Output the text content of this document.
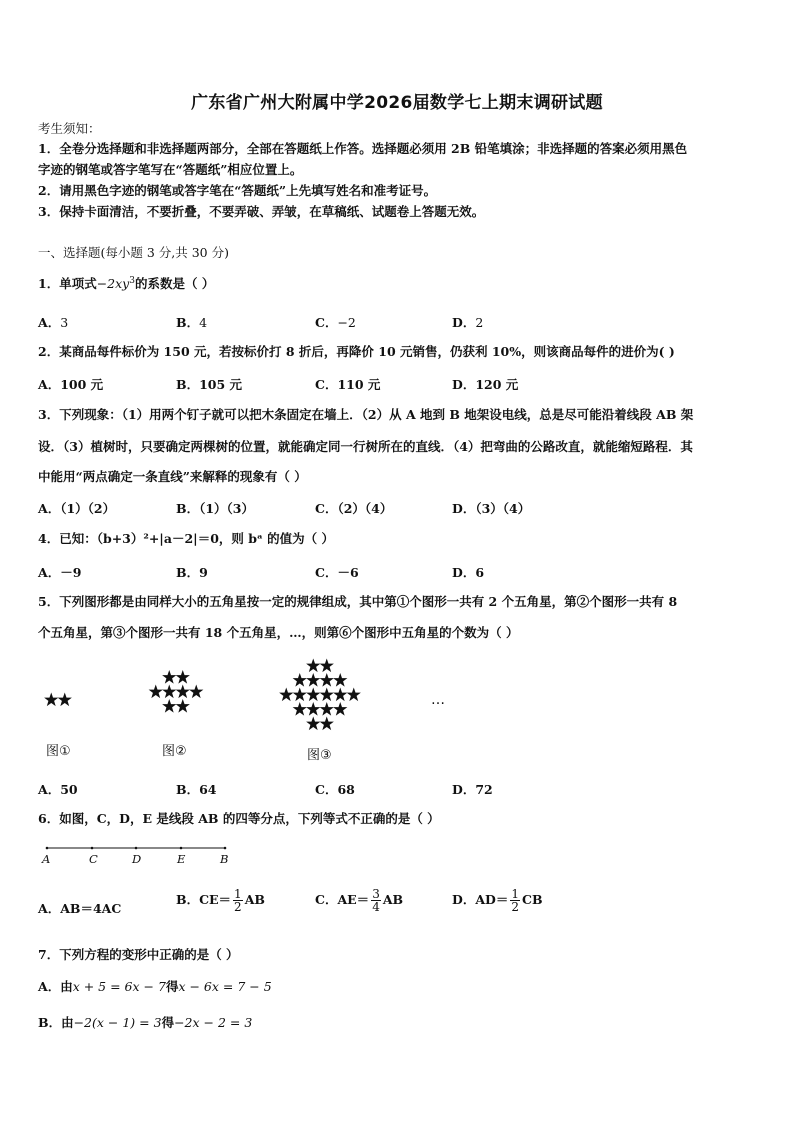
广东省广州大附属中学2026届数学七上期末调研试题
考生须知：
1．全卷分选择题和非选择题两部分，全部在答题纸上作答。选择题必须用 2B 铅笔填涂；非选择题的答案必须用黑色
字迹的钢笔或答字笔写在“答题纸”相应位置上。
2．请用黑色字迹的钢笔或答字笔在“答题纸”上先填写姓名和准考证号。
3．保持卡面清洁，不要折叠，不要弄破、弄皱，在草稿纸、试题卷上答题无效。
一、选择题(每小题 3 分,共 30 分)
1．单项式$-2xy^3$的系数是（ ）
A．3	B．4	C．−2	D．2
2．某商品每件标价为 150 元，若按标价打 8 折后，再降价 10 元销售，仍获利 10%，则该商品每件的进价为( )
A．100 元	B．105 元	C．110 元	D．120 元
3．下列现象：（1）用两个钉子就可以把木条固定在墙上．（2）从 A 地到 B 地架设电线，总是尽可能沿着线段 AB 架
设．（3）植树时，只要确定两棵树的位置，就能确定同一行树所在的直线．（4）把弯曲的公路改直，就能缩短路程．其
中能用“两点确定一条直线”来解释的现象有（ ）
A．（1）（2）	B．（1）（3）	C．（2）（4）	D．（3）（4）
4．已知：（b+3）²+|a－2|＝0，则 bᵃ 的值为（ ）
A．－9	B．9	C．－6	D．6
5．下列图形都是由同样大小的五角星按一定的规律组成，其中第①个图形一共有 2 个五角星，第②个图形一共有 8
个五角星，第③个图形一共有 18 个五角星，…，则第⑥个图形中五角星的个数为（ ）
…
图①	图②	图③
A．50	B．64	C．68	D．72
6．如图，C，D，E 是线段 AB 的四等分点，下列等式不正确的是（ ）
A	C	D	E	B
A．AB＝4AC
B．$CE= \frac{1}{2}$ AB	C．$AE= \frac{3}{4}$ AB	D．$AD= \frac{1}{2}$ CB
7．下列方程的变形中正确的是（ ）
A．由x + 5 = 6x − 7得x − 6x = 7 − 5
B．由−2(x − 1) = 3得−2x − 2 = 3
